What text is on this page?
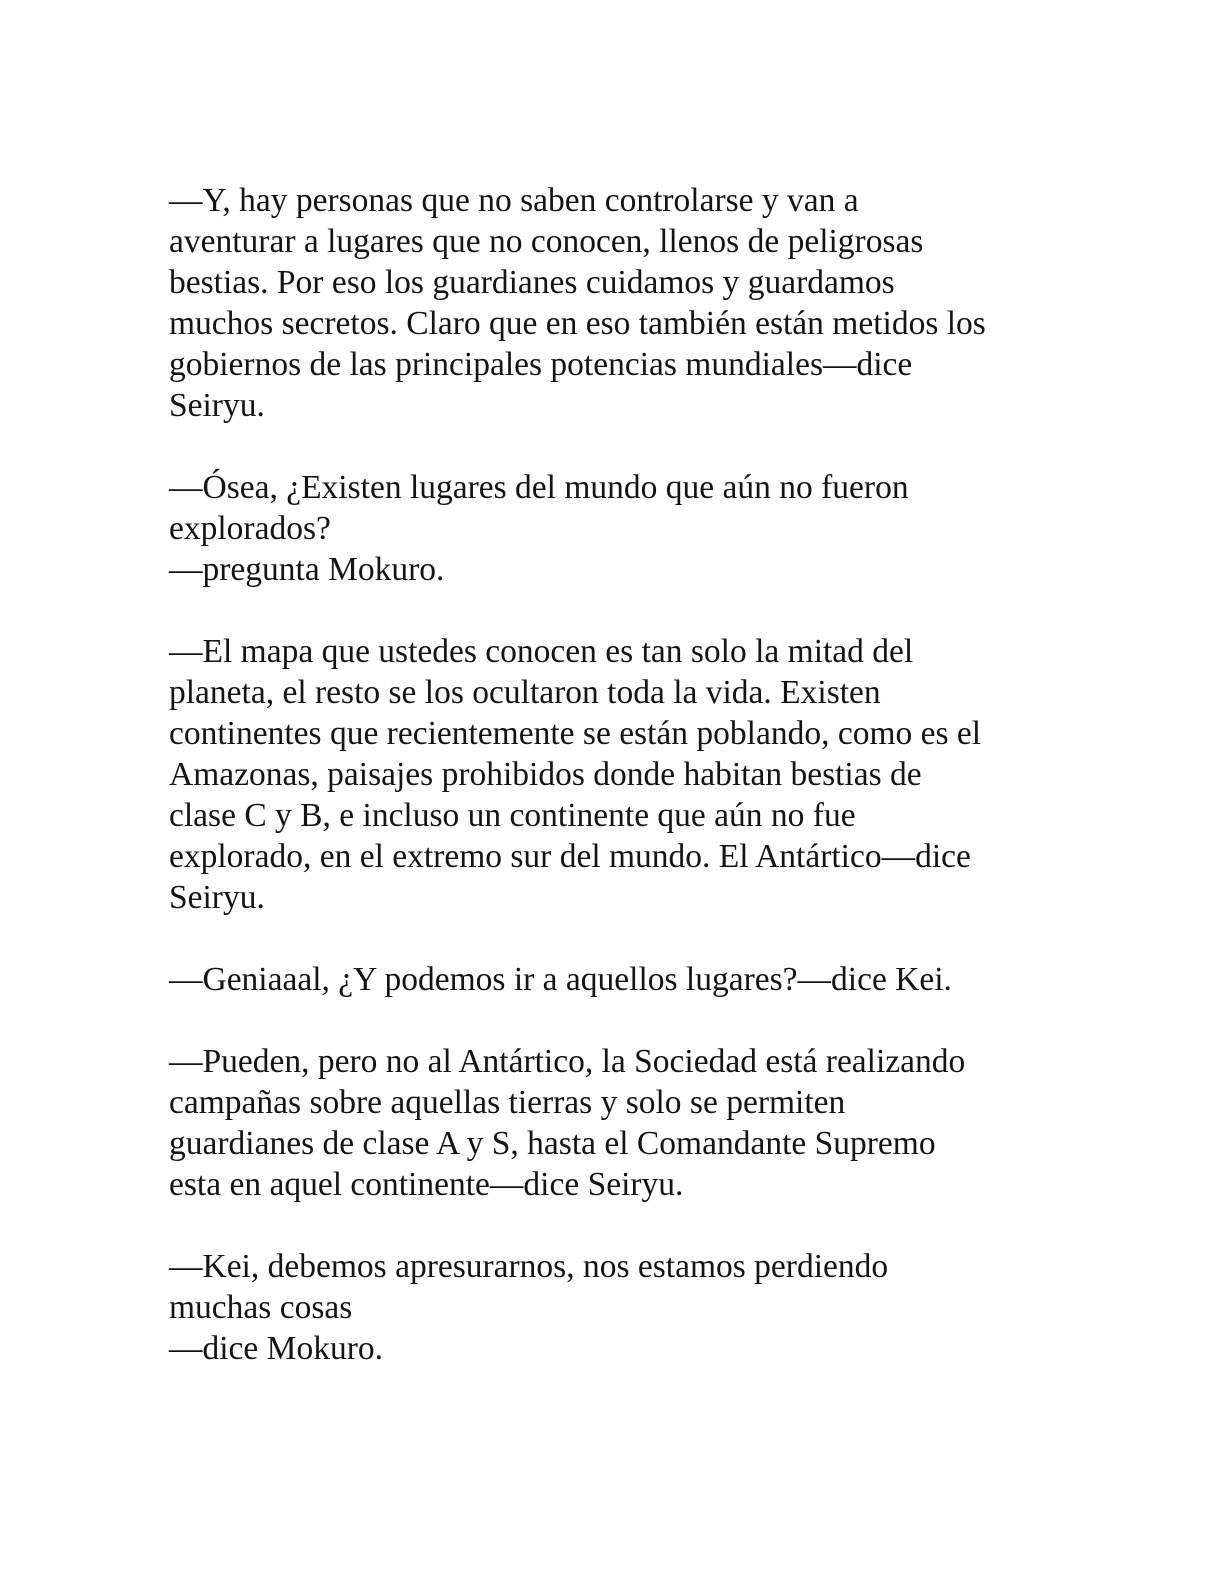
—Y, hay personas que no saben controlarse y van a
aventurar a lugares que no conocen, llenos de peligrosas
bestias. Por eso los guardianes cuidamos y guardamos
muchos secretos. Claro que en eso también están metidos los
gobiernos de las principales potencias mundiales—dice
Seiryu.

—Ósea, ¿Existen lugares del mundo que aún no fueron
explorados?
—pregunta Mokuro.

—El mapa que ustedes conocen es tan solo la mitad del
planeta, el resto se los ocultaron toda la vida. Existen
continentes que recientemente se están poblando, como es el
Amazonas, paisajes prohibidos donde habitan bestias de
clase C y B, e incluso un continente que aún no fue
explorado, en el extremo sur del mundo. El Antártico—dice
Seiryu.

—Geniaaal, ¿Y podemos ir a aquellos lugares?—dice Kei.

—Pueden, pero no al Antártico, la Sociedad está realizando
campañas sobre aquellas tierras y solo se permiten
guardianes de clase A y S, hasta el Comandante Supremo
esta en aquel continente—dice Seiryu.

—Kei, debemos apresurarnos, nos estamos perdiendo
muchas cosas
—dice Mokuro.
